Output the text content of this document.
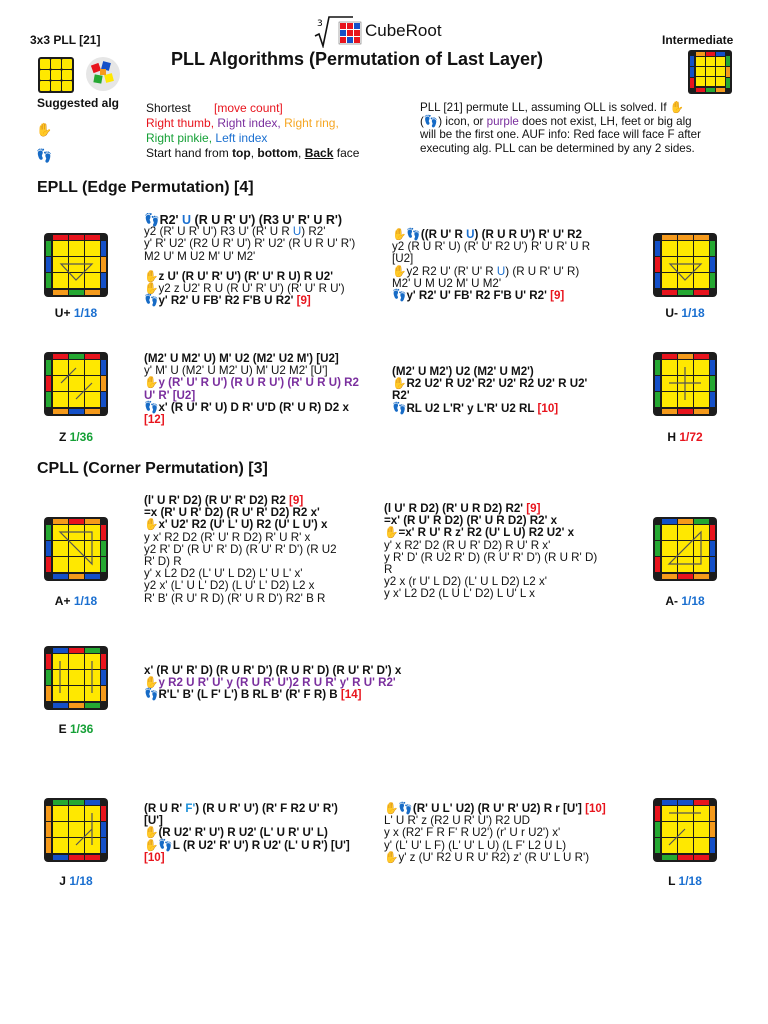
3x3 PLL [21]
3 CubeRoot
PLL Algorithms (Permutation of Last Layer)
Intermediate
Suggested alg
✋
👣
Shortest [move count]
Right thumb, Right index, Right ring,
Right pinkie, Left index
Start hand from top, bottom, Back face
PLL [21] permute LL, assuming OLL is solved. If ✋
(👣) icon, or purple does not exist, LH, feet or big alg
will be the first one. AUF info: Red face will face F after
executing alg. PLL can be determined by any 2 sides.
EPLL (Edge Permutation) [4]
U+ 1/18
👣R2' U (R U R' U') (R3 U' R' U R')
y2 (R' U R' U') R3 U' (R' U R U) R2'
y' R' U2' (R2 U R' U') R' U2' (R U R U' R')
M2 U' M U2 M' U' M2'
✋z U' (R U' R' U') (R' U' R U) R U2'
✋y2 z U2' R U (R U' R' U') (R' U' R U')
👣y' R2' U FB' R2 F'B U R2' [9]
✋👣((R U' R U) (R U R U') R' U' R2
y2 (R U R' U) (R' U' R2 U') R' U R' U R
[U2]
✋y2 R2 U' (R' U' R U) (R U R' U' R)
M2' U M U2 M' U M2'
👣y' R2' U' FB' R2 F'B U' R2' [9]
U- 1/18
Z 1/36
(M2' U M2' U) M' U2 (M2' U2 M') [U2]
y' M' U (M2' U M2' U) M' U2 M2' [U']
✋y (R' U' R U') (R U R U') (R' U R U) R2
U' R' [U2]
👣x' (R U' R' U) D R' U'D (R' U R) D2 x
[12]
(M2' U M2') U2 (M2' U M2')
✋R2 U2' R U2' R2' U2' R2 U2' R U2'
R2'
👣RL U2 L'R' y L'R' U2 RL [10]
H 1/72
CPLL (Corner Permutation) [3]
A+ 1/18
(l' U R' D2) (R U' R' D2) R2 [9]
=x (R' U R' D2) (R U' R' D2) R2 x'
✋x' U2' R2 (U' L' U) R2 (U' L U') x
y x' R2 D2 (R' U' R D2) R' U R' x
y2 R' D' (R U' R' D) (R U' R' D') (R U2
R' D) R
y' x L2 D2 (L' U' L D2) L' U L' x'
y2 x' (L' U L' D2) (L U' L' D2) L2 x
R' B' (R U' R D) (R' U R D') R2' B R
(l U' R D2) (R' U R D2) R2' [9]
=x' (R U' R D2) (R' U R D2) R2' x
✋=x' R U' R z' R2 (U' L U) R2 U2' x
y' x R2' D2 (R U R' D2) R U' R x'
y R' D' (R U2 R' D) (R U' R' D') (R U R' D)
R
y2 x (r U' L D2) (L' U L D2) L2 x'
y x' L2 D2 (L U L' D2) L U' L x
A- 1/18
E 1/36
x' (R U' R' D) (R U R' D') (R U R' D) (R U' R' D') x
✋y R2 U R' U' y (R U R' U')2 R U R' y' R U' R2'
👣R'L' B' (L F' L') B RL B' (R' F R) B [14]
J 1/18
(R U R' F') (R U R' U') (R' F R2 U' R')
[U']
✋(R U2' R' U') R U2' (L' U R' U' L)
✋👣L (R U2' R' U') R U2' (L' U R') [U']
[10]
✋👣(R' U L' U2) (R U' R' U2) R r [U'] [10]
L' U R' z (R2 U R' U') R2 UD
y x (R2' F R F' R U2') (r' U r U2') x'
y' (L' U' L F) (L' U' L U) (L F' L2 U L)
✋y' z (U' R2 U R U' R2) z' (R U' L U R')
L 1/18
